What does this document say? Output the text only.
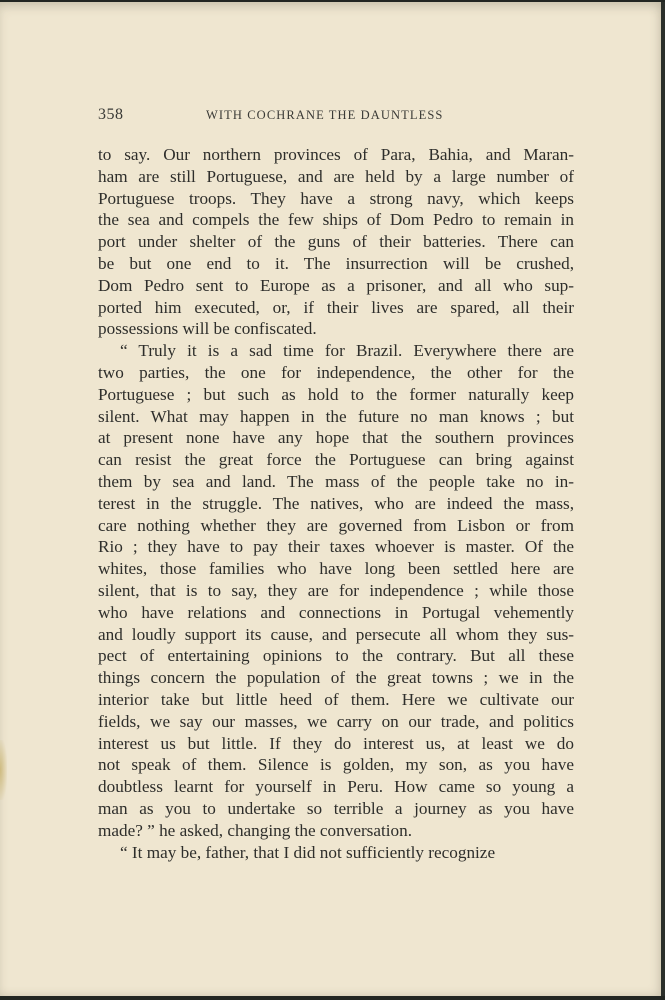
358	WITH COCHRANE THE DAUNTLESS
to say. Our northern provinces of Para, Bahia, and Maran-
ham are still Portuguese, and are held by a large number of
Portuguese troops. They have a strong navy, which keeps
the sea and compels the few ships of Dom Pedro to remain in
port under shelter of the guns of their batteries. There can
be but one end to it. The insurrection will be crushed,
Dom Pedro sent to Europe as a prisoner, and all who sup-
ported him executed, or, if their lives are spared, all their
possessions will be confiscated.
“ Truly it is a sad time for Brazil. Everywhere there are
two parties, the one for independence, the other for the
Portuguese ; but such as hold to the former naturally keep
silent. What may happen in the future no man knows ; but
at present none have any hope that the southern provinces
can resist the great force the Portuguese can bring against
them by sea and land. The mass of the people take no in-
terest in the struggle. The natives, who are indeed the mass,
care nothing whether they are governed from Lisbon or from
Rio ; they have to pay their taxes whoever is master. Of the
whites, those families who have long been settled here are
silent, that is to say, they are for independence ; while those
who have relations and connections in Portugal vehemently
and loudly support its cause, and persecute all whom they sus-
pect of entertaining opinions to the contrary. But all these
things concern the population of the great towns ; we in the
interior take but little heed of them. Here we cultivate our
fields, we say our masses, we carry on our trade, and politics
interest us but little. If they do interest us, at least we do
not speak of them. Silence is golden, my son, as you have
doubtless learnt for yourself in Peru. How came so young a
man as you to undertake so terrible a journey as you have
made? ” he asked, changing the conversation.
“ It may be, father, that I did not sufficiently recognize
